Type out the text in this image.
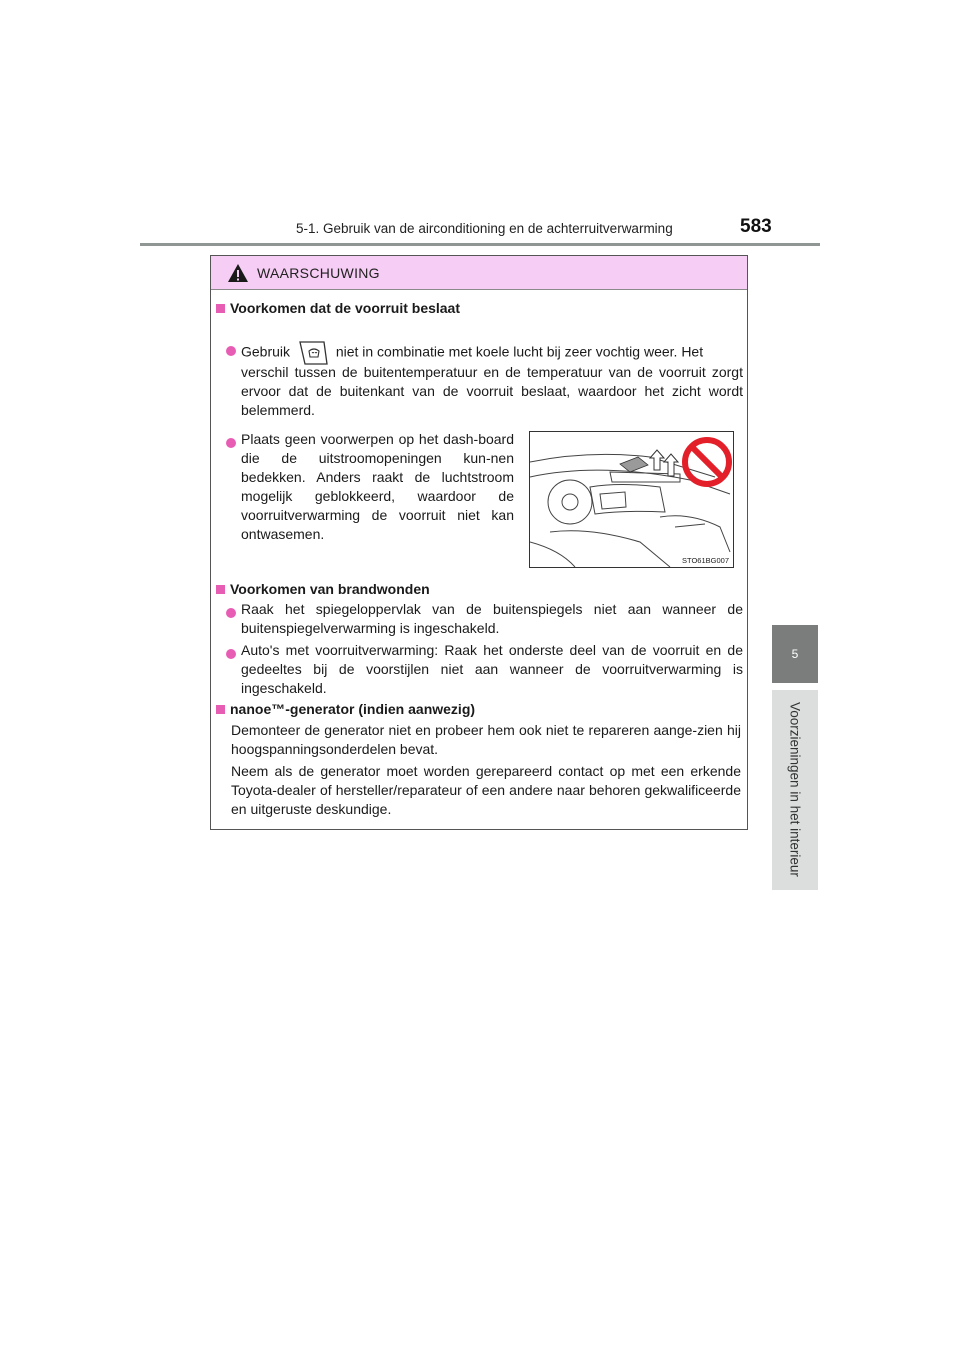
5-1. Gebruik van de airconditioning en de achterruitverwarming	583
5
Voorzieningen in het interieur
WAARSCHUWING
Voorkomen dat de voorruit beslaat
Gebruik	niet in combinatie met koele lucht bij zeer vochtig weer. Het
verschil tussen de buitentemperatuur en de temperatuur van de voorruit zorgt ervoor dat de buitenkant van de voorruit beslaat, waardoor het zicht wordt belemmerd.
Plaats geen voorwerpen op het dash-board die de uitstroomopeningen kun-nen bedekken. Anders raakt de luchtstroom mogelijk geblokkeerd, waardoor de voorruitverwarming de voorruit niet kan ontwasemen.
STO61BG007
Voorkomen van brandwonden
Raak het spiegeloppervlak van de buitenspiegels niet aan wanneer de buitenspiegelverwarming is ingeschakeld.
Auto's met voorruitverwarming: Raak het onderste deel van de voorruit en de gedeeltes bij de voorstijlen niet aan wanneer de voorruitverwarming is ingeschakeld.
nanoe™-generator (indien aanwezig)
Demonteer de generator niet en probeer hem ook niet te repareren aange-zien hij hoogspanningsonderdelen bevat.
Neem als de generator moet worden gerepareerd contact op met een erkende Toyota-dealer of hersteller/reparateur of een andere naar behoren gekwalificeerde en uitgeruste deskundige.
